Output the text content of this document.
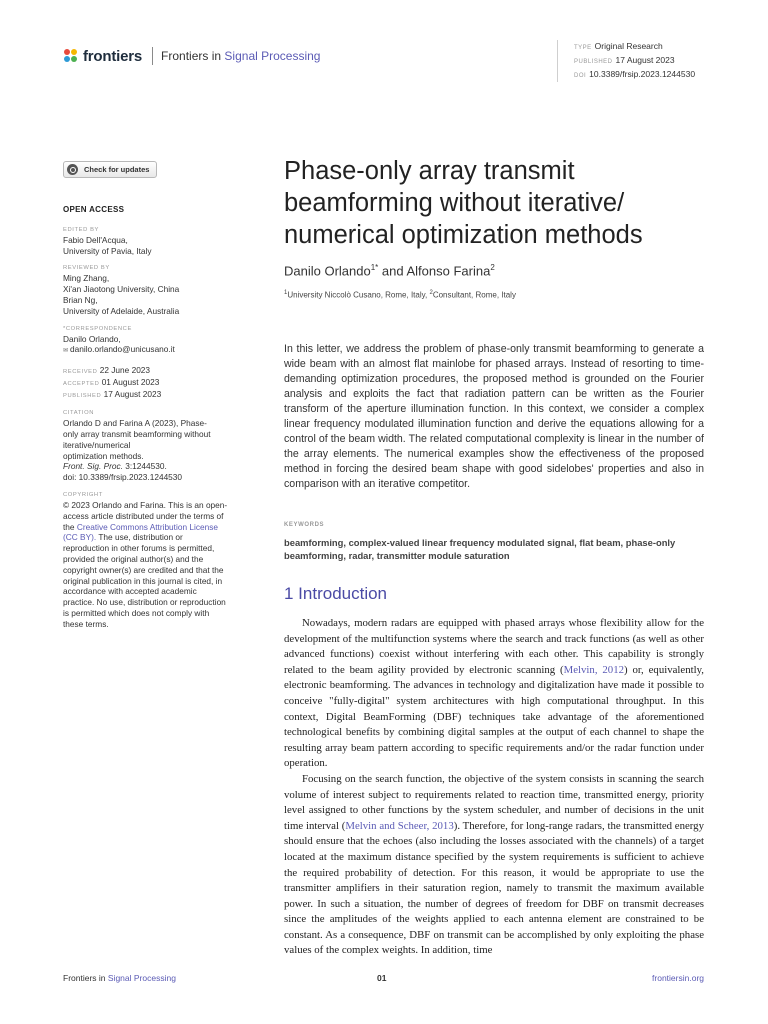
frontiers Frontiers in Signal Processing
TYPE Original Research
PUBLISHED 17 August 2023
DOI 10.3389/frsip.2023.1244530
Check for updates
OPEN ACCESS
EDITED BY
Fabio Dell'Acqua,
University of Pavia, Italy
REVIEWED BY
Ming Zhang,
Xi'an Jiaotong University, China
Brian Ng,
University of Adelaide, Australia
*CORRESPONDENCE
Danilo Orlando,
✉ danilo.orlando@unicusano.it
RECEIVED 22 June 2023
ACCEPTED 01 August 2023
PUBLISHED 17 August 2023
CITATION
Orlando D and Farina A (2023), Phase-
only array transmit beamforming without
iterative/numerical
optimization methods.
Front. Sig. Proc. 3:1244530.
doi: 10.3389/frsip.2023.1244530
COPYRIGHT
© 2023 Orlando and Farina. This is an open-access article distributed under the terms of the Creative Commons Attribution License (CC BY). The use, distribution or reproduction in other forums is permitted, provided the original author(s) and the copyright owner(s) are credited and that the original publication in this journal is cited, in accordance with accepted academic practice. No use, distribution or reproduction is permitted which does not comply with these terms.
Phase-only array transmit beamforming without iterative/ numerical optimization methods
Danilo Orlando$^{1*}$ and Alfonso Farina$^2$
$^1$University Niccolò Cusano, Rome, Italy, $^2$Consultant, Rome, Italy

In this letter, we address the problem of phase-only transmit beamforming to generate a wide beam with an almost flat mainlobe for phased arrays. Instead of resorting to time-demanding optimization procedures, the proposed method is grounded on the Fourier analysis and exploits the fact that radiation pattern can be written as the Fourier transform of the aperture illumination function. In this context, we consider a complex linear frequency modulated illumination function and derive the equations allowing for a control of the beam width. The related computational complexity is linear in the number of the array elements. The numerical examples show the effectiveness of the proposed method in forcing the desired beam shape with good sidelobes' properties and also in comparison with an iterative competitor.

KEYWORDS

beamforming, complex-valued linear frequency modulated signal, flat beam, phase-only beamforming, radar, transmitter module saturation

1 Introduction

Nowadays, modern radars are equipped with phased arrays whose flexibility allow for the development of the multifunction systems where the search and track functions (as well as other advanced functions) coexist without interfering with each other. This capability is strongly related to the beam agility provided by electronic scanning (Melvin, 2012) or, equivalently, electronic beamforming. The advances in technology and digitalization have made it possible to conceive "fully-digital" system architectures with high computational throughput. In this context, Digital BeamForming (DBF) techniques take advantage of the aforementioned technological benefits by combining digital samples at the output of each channel to shape the resulting array beam pattern according to specific requirements and/or the radar function under operation.

Focusing on the search function, the objective of the system consists in scanning the search volume of interest subject to requirements related to reaction time, transmitted energy, priority level assigned to other functions by the system scheduler, and number of decisions in the unit time interval (Melvin and Scheer, 2013). Therefore, for long-range radars, the transmitted energy should ensure that the echoes (also including the losses associated with the channels) of a target located at the maximum distance specified by the system requirements is sufficient to achieve the required probability of detection. For this reason, it would be appropriate to use the transmitter amplifiers in their saturation region, namely to transmit the maximum available power. In such a situation, the number of degrees of freedom for DBF on transmit decreases since the amplitudes of the weights applied to each antenna element are constrained to be constant. As a consequence, DBF on transmit can be accomplished by only exploiting the phase values of the complex weights. In addition, time

Frontiers in Signal Processing	01	frontiersin.org
